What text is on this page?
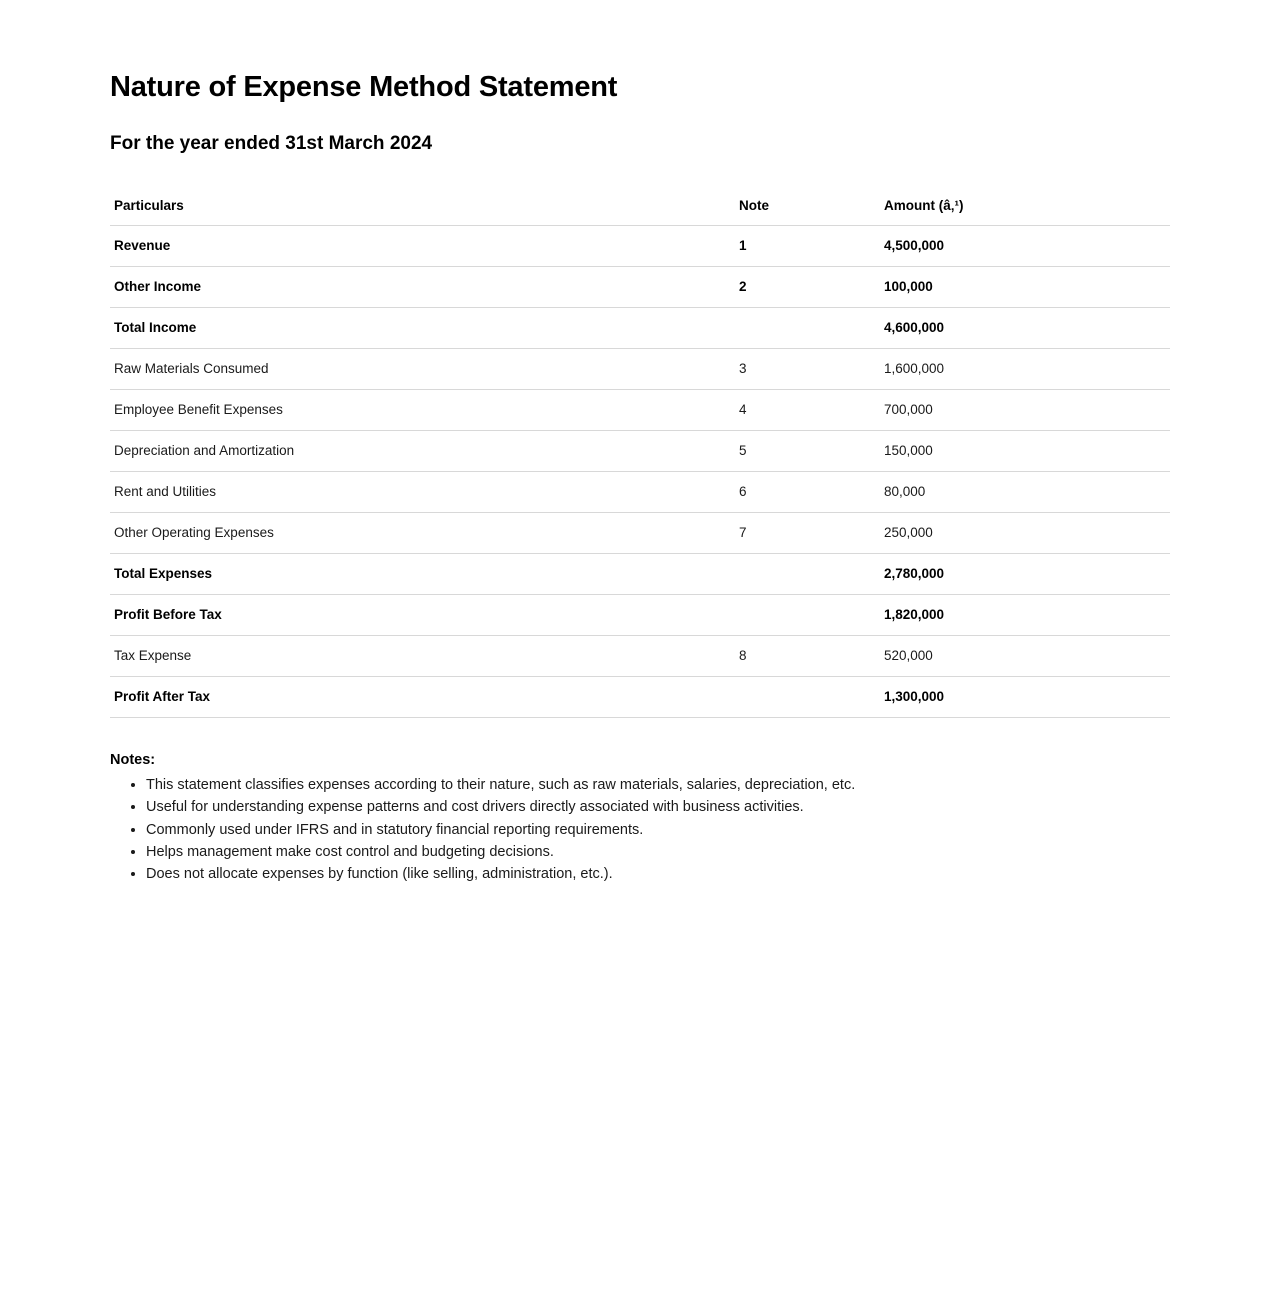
Nature of Expense Method Statement
For the year ended 31st March 2024
Particulars	Note	Amount (â‚¹)
Revenue	1	4,500,000
Other Income	2	100,000
Total Income		4,600,000
Raw Materials Consumed	3	1,600,000
Employee Benefit Expenses	4	700,000
Depreciation and Amortization	5	150,000
Rent and Utilities	6	80,000
Other Operating Expenses	7	250,000
Total Expenses		2,780,000
Profit Before Tax		1,820,000
Tax Expense	8	520,000
Profit After Tax		1,300,000
Notes:
• This statement classifies expenses according to their nature, such as raw materials, salaries, depreciation, etc.
• Useful for understanding expense patterns and cost drivers directly associated with business activities.
• Commonly used under IFRS and in statutory financial reporting requirements.
• Helps management make cost control and budgeting decisions.
• Does not allocate expenses by function (like selling, administration, etc.).
